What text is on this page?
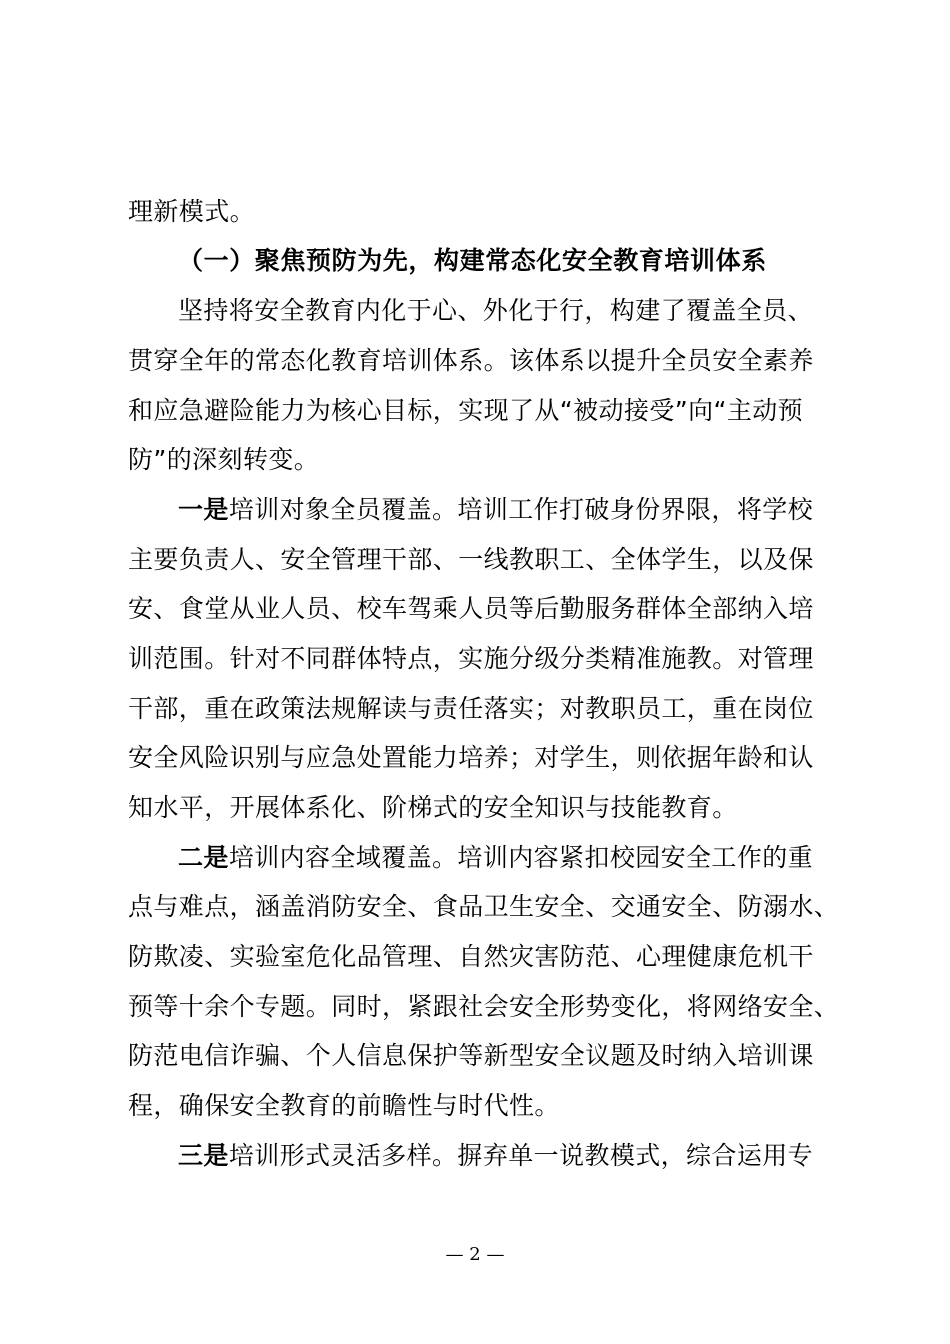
理新模式。
（一）聚焦预防为先，构建常态化安全教育培训体系
坚持将安全教育内化于心、外化于行，构建了覆盖全员、
贯穿全年的常态化教育培训体系。该体系以提升全员安全素养
和应急避险能力为核心目标，实现了从“被动接受”向“主动预
防”的深刻转变。
一是培训对象全员覆盖。培训工作打破身份界限，将学校
主要负责人、安全管理干部、一线教职工、全体学生，以及保
安、食堂从业人员、校车驾乘人员等后勤服务群体全部纳入培
训范围。针对不同群体特点，实施分级分类精准施教。对管理
干部，重在政策法规解读与责任落实；对教职员工，重在岗位
安全风险识别与应急处置能力培养；对学生，则依据年龄和认
知水平，开展体系化、阶梯式的安全知识与技能教育。
二是培训内容全域覆盖。培训内容紧扣校园安全工作的重
点与难点，涵盖消防安全、食品卫生安全、交通安全、防溺水、
防欺凌、实验室危化品管理、自然灾害防范、心理健康危机干
预等十余个专题。同时，紧跟社会安全形势变化，将网络安全、
防范电信诈骗、个人信息保护等新型安全议题及时纳入培训课
程，确保安全教育的前瞻性与时代性。
三是培训形式灵活多样。摒弃单一说教模式，综合运用专
— 2 —
